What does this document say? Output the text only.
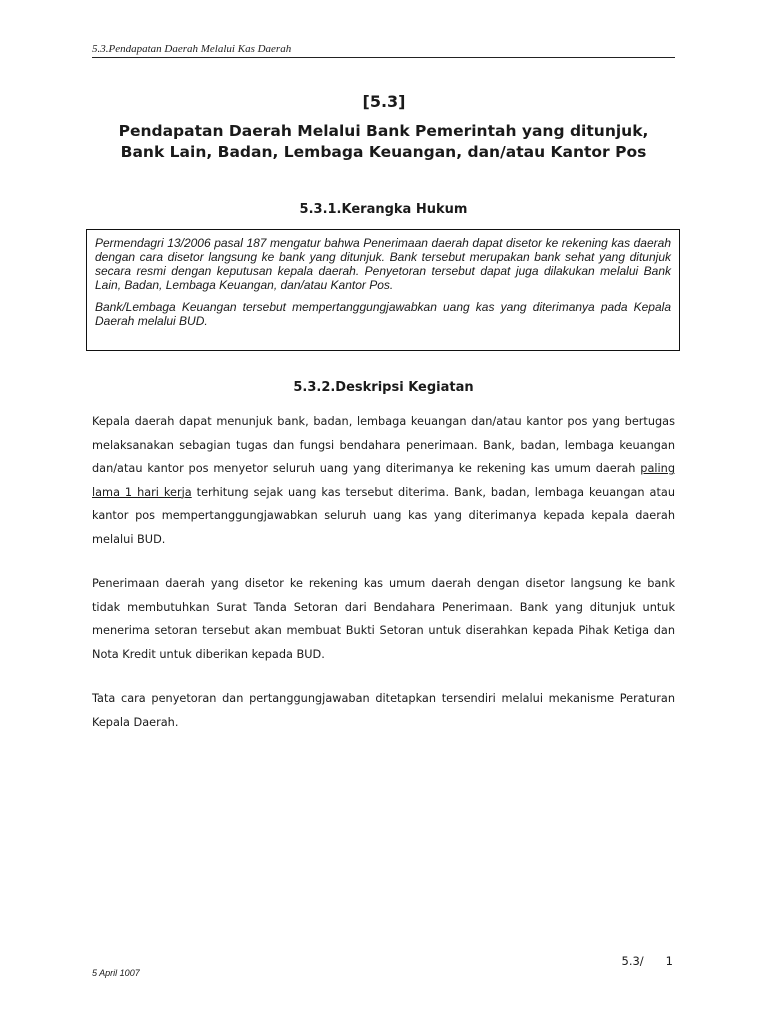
5.3.Pendapatan Daerah Melalui Kas Daerah
[5.3]
Pendapatan Daerah Melalui Bank Pemerintah yang ditunjuk,
Bank Lain, Badan, Lembaga Keuangan, dan/atau Kantor Pos
5.3.1.Kerangka Hukum

Permendagri 13/2006 pasal 187 mengatur bahwa Penerimaan daerah dapat disetor ke rekening kas daerah dengan cara disetor langsung ke bank yang ditunjuk. Bank tersebut merupakan bank sehat yang ditunjuk secara resmi dengan keputusan kepala daerah. Penyetoran tersebut dapat juga dilakukan melalui Bank Lain, Badan, Lembaga Keuangan, dan/atau Kantor Pos.

Bank/Lembaga Keuangan tersebut mempertanggungjawabkan uang kas yang diterimanya pada Kepala Daerah melalui BUD.

5.3.2.Deskripsi Kegiatan

Kepala daerah dapat menunjuk bank, badan, lembaga keuangan dan/atau kantor pos yang bertugas melaksanakan sebagian tugas dan fungsi bendahara penerimaan. Bank, badan, lembaga keuangan dan/atau kantor pos menyetor seluruh uang yang diterimanya ke rekening kas umum daerah paling lama 1 hari kerja terhitung sejak uang kas tersebut diterima. Bank, badan, lembaga keuangan atau kantor pos mempertanggungjawabkan seluruh uang kas yang diterimanya kepada kepala daerah melalui BUD.

Penerimaan daerah yang disetor ke rekening kas umum daerah dengan disetor langsung ke bank tidak membutuhkan Surat Tanda Setoran dari Bendahara Penerimaan. Bank yang ditunjuk untuk menerima setoran tersebut akan membuat Bukti Setoran untuk diserahkan kepada Pihak Ketiga dan Nota Kredit untuk diberikan kepada BUD.

Tata cara penyetoran dan pertanggungjawaban ditetapkan tersendiri melalui mekanisme Peraturan Kepala Daerah.

5.3/ 1
5 April 1007
